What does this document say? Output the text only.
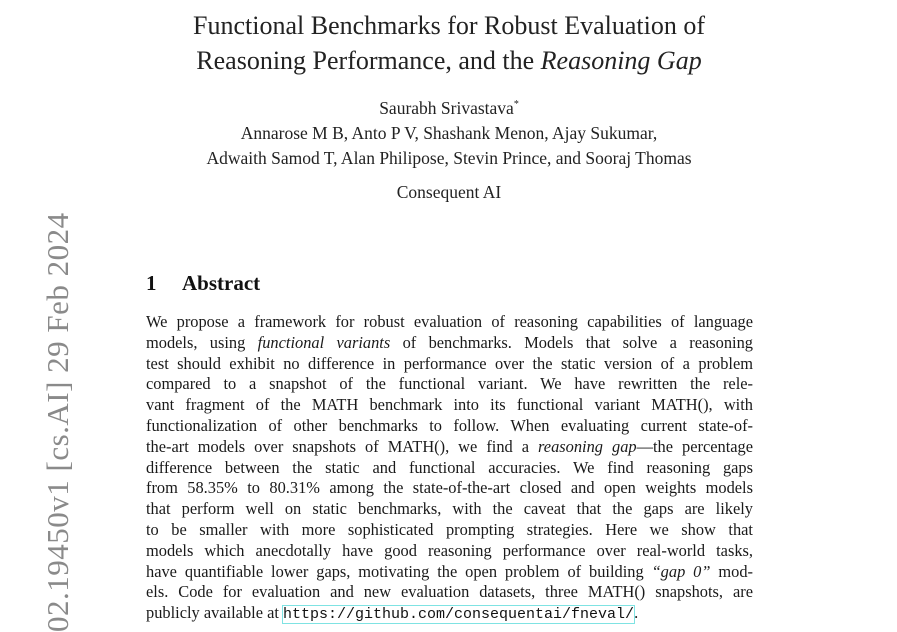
02.19450v1 [cs.AI] 29 Feb 2024
Functional Benchmarks for Robust Evaluation of
Reasoning Performance, and the Reasoning Gap
Saurabh Srivastava*
Annarose M B, Anto P V, Shashank Menon, Ajay Sukumar,
Adwaith Samod T, Alan Philipose, Stevin Prince, and Sooraj Thomas
Consequent AI
1 Abstract
We propose a framework for robust evaluation of reasoning capabilities of language
models, using functional variants of benchmarks. Models that solve a reasoning
test should exhibit no difference in performance over the static version of a problem
compared to a snapshot of the functional variant. We have rewritten the rele-
vant fragment of the MATH benchmark into its functional variant MATH(), with
functionalization of other benchmarks to follow. When evaluating current state-of-
the-art models over snapshots of MATH(), we find a reasoning gap—the percentage
difference between the static and functional accuracies. We find reasoning gaps
from 58.35% to 80.31% among the state-of-the-art closed and open weights models
that perform well on static benchmarks, with the caveat that the gaps are likely
to be smaller with more sophisticated prompting strategies. Here we show that
models which anecdotally have good reasoning performance over real-world tasks,
have quantifiable lower gaps, motivating the open problem of building “gap 0” mod-
els. Code for evaluation and new evaluation datasets, three MATH() snapshots, are
publicly available at https://github.com/consequentai/fneval/.
